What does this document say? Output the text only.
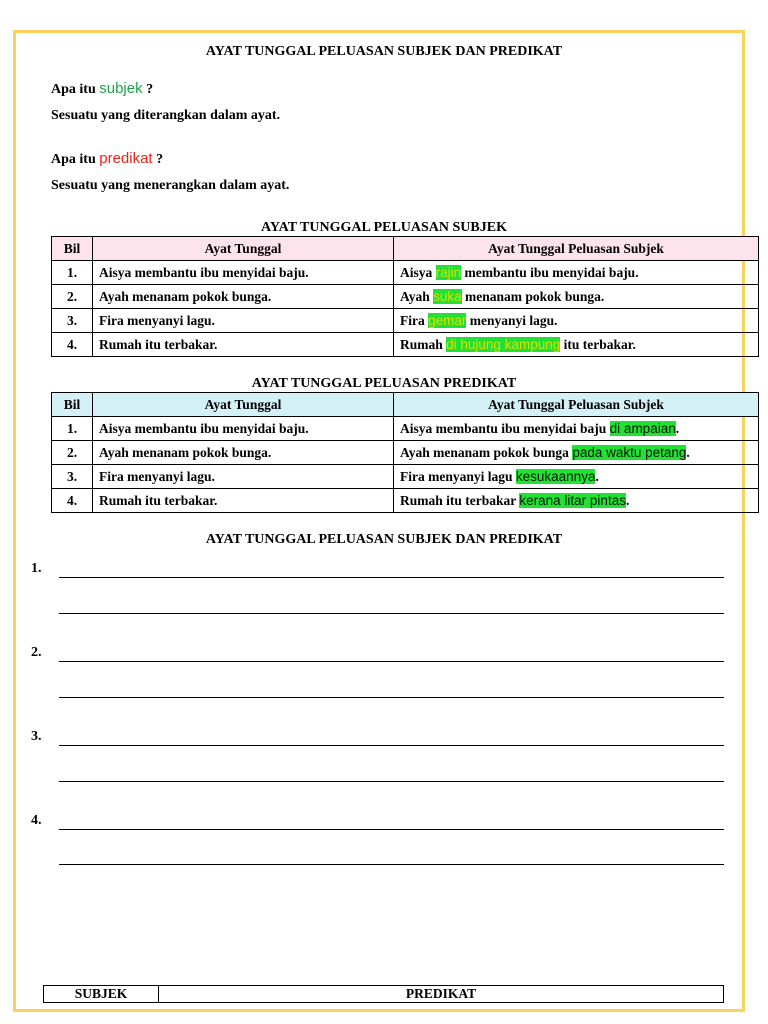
AYAT TUNGGAL PELUASAN SUBJEK DAN PREDIKAT
Apa itu subjek ?
Sesuatu yang diterangkan dalam ayat.
Apa itu predikat ?
Sesuatu yang menerangkan dalam ayat.
AYAT TUNGGAL PELUASAN SUBJEK
Bil	Ayat Tunggal	Ayat Tunggal Peluasan Subjek
1.	Aisya membantu ibu menyidai baju.	Aisya rajin membantu ibu menyidai baju.
2.	Ayah menanam pokok bunga.	Ayah suka menanam pokok bunga.
3.	Fira menyanyi lagu.	Fira gemar menyanyi lagu.
4.	Rumah itu terbakar.	Rumah di hujung kampung itu terbakar.
AYAT TUNGGAL PELUASAN PREDIKAT
Bil	Ayat Tunggal	Ayat Tunggal Peluasan Subjek
1.	Aisya membantu ibu menyidai baju.	Aisya membantu ibu menyidai baju di ampaian.
2.	Ayah menanam pokok bunga.	Ayah menanam pokok bunga pada waktu petang.
3.	Fira menyanyi lagu.	Fira menyanyi lagu kesukaannya.
4.	Rumah itu terbakar.	Rumah itu terbakar kerana litar pintas.
AYAT TUNGGAL PELUASAN SUBJEK DAN PREDIKAT
1.
2.
3.
4.
SUBJEK	PREDIKAT
